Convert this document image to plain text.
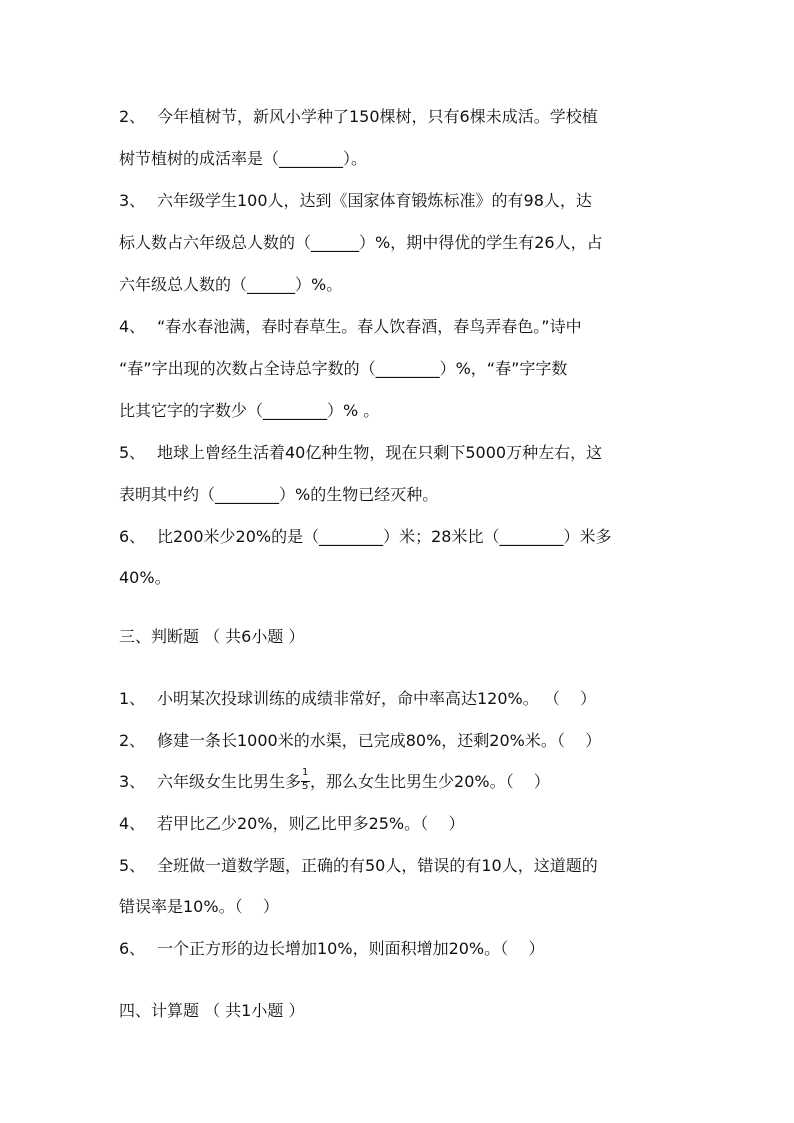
2、 今年植树节，新风小学种了150棵树，只有6棵未成活。学校植
树节植树的成活率是（________）。
3、 六年级学生100人，达到《国家体育锻炼标准》的有98人，达
标人数占六年级总人数的（______）%，期中得优的学生有26人，占
六年级总人数的（______）%。
4、 “春水春池满，春时春草生。春人饮春酒，春鸟弄春色。”诗中
“春”字出现的次数占全诗总字数的（________）%，“春”字字数
比其它字的字数少（________）% 。
5、 地球上曾经生活着40亿种生物，现在只剩下5000万种左右，这
表明其中约（________）%的生物已经灭种。
6、 比200米少20%的是（________）米；28米比（________）米多
40%。
三、判断题 （ 共6小题 ）
1、 小明某次投球训练的成绩非常好，命中率高达120%。 （    ）
2、 修建一条长1000米的水渠，已完成80%，还剩20%米。（    ）
3、 六年级女生比男生多 $\frac{1}{5}$ ，那么女生比男生少20%。（    ）
4、 若甲比乙少20%，则乙比甲多25%。（    ）
5、 全班做一道数学题，正确的有50人，错误的有10人，这道题的
错误率是10%。（    ）
6、 一个正方形的边长增加10%，则面积增加20%。（    ）
四、计算题 （ 共1小题 ）
